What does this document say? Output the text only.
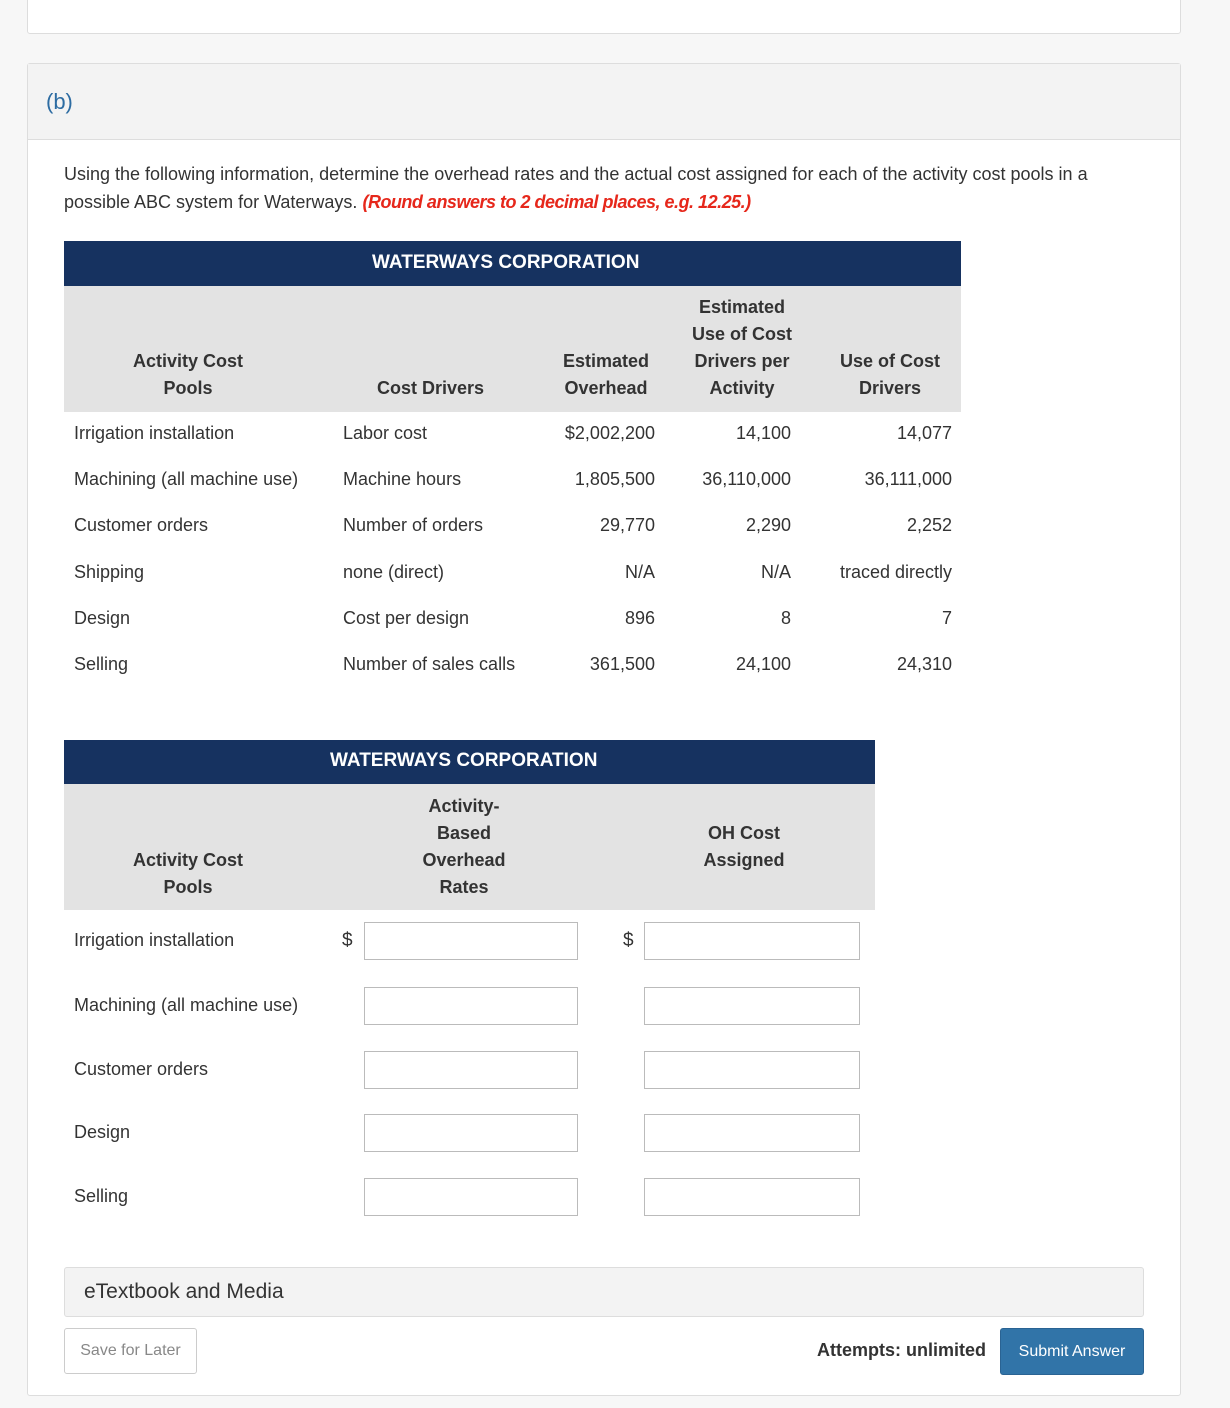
(b)
Using the following information, determine the overhead rates and the actual cost assigned for each of the activity cost pools in a possible ABC system for Waterways. (Round answers to 2 decimal places, e.g. 12.25.)
WATERWAYS CORPORATION
Activity Cost Pools	Cost Drivers
Estimated Overhead
Estimated Use of Cost Drivers per Activity
Use of Cost Drivers
Irrigation installation	Labor cost	$2,002,200	14,100	14,077
Machining (all machine use)	Machine hours	1,805,500	36,110,000	36,111,000
Customer orders	Number of orders	29,770	2,290	2,252
Shipping	none (direct)	N/A	N/A	traced directly
Design	Cost per design	896	8	7
Selling	Number of sales calls	361,500	24,100	24,310
WATERWAYS CORPORATION
Activity Cost Pools
Activity-Based Overhead Rates
OH Cost Assigned
Irrigation installation	$	$
Machining (all machine use)
Customer orders
Design
Selling
eTextbook and Media
Save for Later	Attempts: unlimited	Submit Answer
